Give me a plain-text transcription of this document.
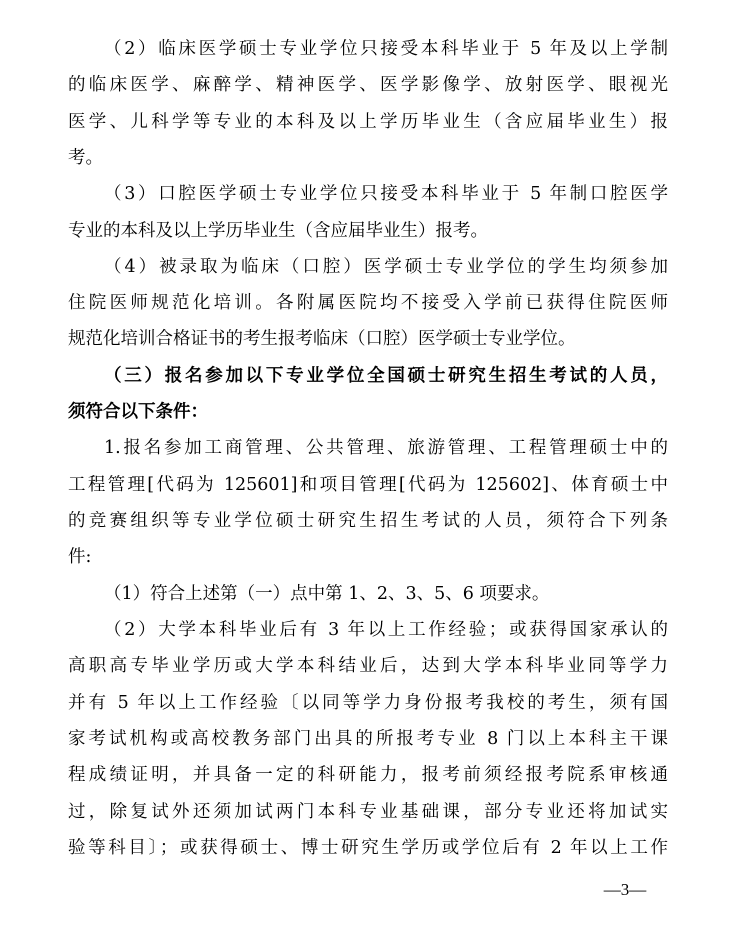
（2）临床医学硕士专业学位只接受本科毕业于 5 年及以上学制
的临床医学、麻醉学、精神医学、医学影像学、放射医学、眼视光
医学、儿科学等专业的本科及以上学历毕业生（含应届毕业生）报
考。
（3）口腔医学硕士专业学位只接受本科毕业于 5 年制口腔医学
专业的本科及以上学历毕业生（含应届毕业生）报考。
（4）被录取为临床（口腔）医学硕士专业学位的学生均须参加
住院医师规范化培训。各附属医院均不接受入学前已获得住院医师
规范化培训合格证书的考生报考临床（口腔）医学硕士专业学位。
（三）报名参加以下专业学位全国硕士研究生招生考试的人员，
须符合以下条件：
1.报名参加工商管理、公共管理、旅游管理、工程管理硕士中的
工程管理[代码为 125601]和项目管理[代码为 125602]、体育硕士中
的竞赛组织等专业学位硕士研究生招生考试的人员，须符合下列条
件:
（1）符合上述第（一）点中第 1、2、3、5、6 项要求。
（2）大学本科毕业后有 3 年以上工作经验；或获得国家承认的
高职高专毕业学历或大学本科结业后，达到大学本科毕业同等学力
并有 5 年以上工作经验〔以同等学力身份报考我校的考生，须有国
家考试机构或高校教务部门出具的所报考专业 8 门以上本科主干课
程成绩证明，并具备一定的科研能力，报考前须经报考院系审核通
过，除复试外还须加试两门本科专业基础课，部分专业还将加试实
验等科目〕；或获得硕士、博士研究生学历或学位后有 2 年以上工作
—3—
